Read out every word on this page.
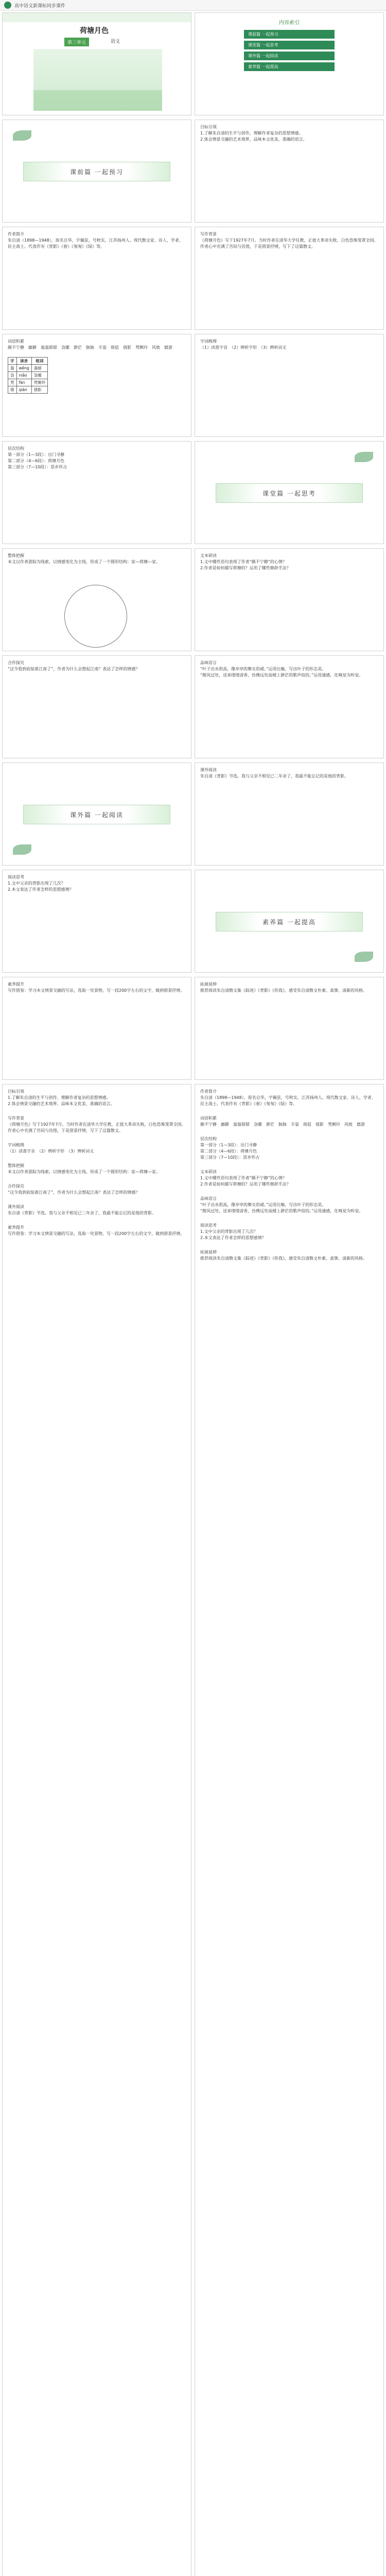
高中语文新课标同步课件
荷塘月色
第三单元	语文
内容索引
课前篇 一起预习
课堂篇 一起思考
课外篇 一起阅读
素养篇 一起提高
课前篇 一起预习
目标引领
1.了解朱自清的生平与创作，理解作者复杂的思想情感。
2.体会情景交融的艺术境界，品味本文优美、准确的语言。
作者简介
朱自清（1898—1948），原名自华，字佩弦，号秋实，江苏扬州人。现代散文家、诗人、学者、民主战士。代表作有《背影》《春》《匆匆》《绿》等。
写作背景
《荷塘月色》写于1927年7月。当时作者在清华大学任教，正值大革命失败，白色恐怖笼罩全国。作者心中充满了苦闷与彷徨，于是借景抒情，写下了这篇散文。
词语积累
颇不宁静　幽僻　蓊蓊郁郁　袅娜　渺茫　脉脉　丰姿　斑驳　倩影　梵婀玲　风致　嬉游
字	读音	组词
蓊	wěng	蓊郁
袅	niǎo	袅娜
梵	fàn	梵婀玲
倩	qiàn	倩影
字词梳理
（1）读准字音　（2）辨析字形　（3）辨析词义
层次结构
第一部分（1—3段）：出门寻静
第二部分（4—6段）：荷塘月色
第三部分（7—10段）：思乡怀古
课堂篇 一起思考
整体把握
本文以作者游踪为线索，以情感变化为主线，形成了一个圆形结构：家—荷塘—家。
文本研读
1.文中哪些语句表现了作者“颇不宁静”的心情？
2.作者是如何描写荷塘的？运用了哪些修辞手法？
合作探究
“这令我到底惦着江南了”，作者为什么会想起江南？表达了怎样的情感？
品味语言
“叶子出水很高，像亭亭的舞女的裙。”运用比喻，写出叶子的形态美。
“微风过处，送来缕缕清香，仿佛远处高楼上渺茫的歌声似的。”运用通感，化嗅觉为听觉。
课外篇 一起阅读
课外阅读
朱自清《背影》节选。我与父亲不相见已二年余了，我最不能忘记的是他的背影。
阅读思考
1.文中父亲的背影出现了几次？
2.本文表达了作者怎样的思想感情？
素养篇 一起提高
素养提升
写作借鉴：学习本文情景交融的写法，选取一处景物，写一段200字左右的文字，做到借景抒情。
拓展延伸
推荐阅读朱自清散文集《踪迹》《背影》《你我》，感受朱自清散文朴素、真挚、清新的风格。
目标引领
1.了解朱自清的生平与创作，理解作者复杂的思想情感。
2.体会情景交融的艺术境界，品味本文优美、准确的语言。
写作背景
《荷塘月色》写于1927年7月。当时作者在清华大学任教，正值大革命失败，白色恐怖笼罩全国。作者心中充满了苦闷与彷徨，于是借景抒情，写下了这篇散文。
字词梳理
（1）读准字音　（2）辨析字形　（3）辨析词义
整体把握
本文以作者游踪为线索，以情感变化为主线，形成了一个圆形结构：家—荷塘—家。
合作探究
“这令我到底惦着江南了”，作者为什么会想起江南？表达了怎样的情感？
课外阅读
朱自清《背影》节选。我与父亲不相见已二年余了，我最不能忘记的是他的背影。
素养提升
写作借鉴：学习本文情景交融的写法，选取一处景物，写一段200字左右的文字，做到借景抒情。
作者简介
朱自清（1898—1948），原名自华，字佩弦，号秋实，江苏扬州人。现代散文家、诗人、学者、民主战士。代表作有《背影》《春》《匆匆》《绿》等。
词语积累
颇不宁静　幽僻　蓊蓊郁郁　袅娜　渺茫　脉脉　丰姿　斑驳　倩影　梵婀玲　风致　嬉游
层次结构
第一部分（1—3段）：出门寻静
第二部分（4—6段）：荷塘月色
第三部分（7—10段）：思乡怀古
文本研读
1.文中哪些语句表现了作者“颇不宁静”的心情？
2.作者是如何描写荷塘的？运用了哪些修辞手法？
品味语言
“叶子出水很高，像亭亭的舞女的裙。”运用比喻，写出叶子的形态美。
“微风过处，送来缕缕清香，仿佛远处高楼上渺茫的歌声似的。”运用通感，化嗅觉为听觉。
阅读思考
1.文中父亲的背影出现了几次？
2.本文表达了作者怎样的思想感情？
拓展延伸
推荐阅读朱自清散文集《踪迹》《背影》《你我》，感受朱自清散文朴素、真挚、清新的风格。
